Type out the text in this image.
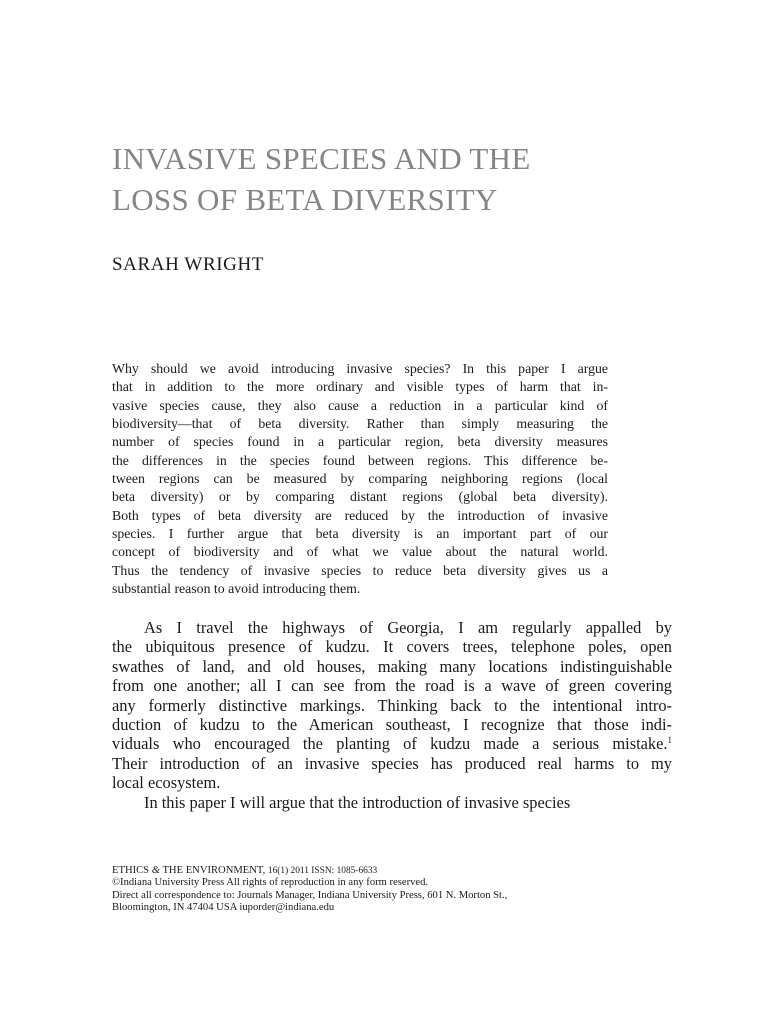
INVASIVE SPECIES AND THE
LOSS OF BETA DIVERSITY
SARAH WRIGHT
Why should we avoid introducing invasive species? In this paper I argue
that in addition to the more ordinary and visible types of harm that in-
vasive species cause, they also cause a reduction in a particular kind of
biodiversity—that of beta diversity. Rather than simply measuring the
number of species found in a particular region, beta diversity measures
the differences in the species found between regions. This difference be-
tween regions can be measured by comparing neighboring regions (local
beta diversity) or by comparing distant regions (global beta diversity).
Both types of beta diversity are reduced by the introduction of invasive
species. I further argue that beta diversity is an important part of our
concept of biodiversity and of what we value about the natural world.
Thus the tendency of invasive species to reduce beta diversity gives us a
substantial reason to avoid introducing them.
As I travel the highways of Georgia, I am regularly appalled by
the ubiquitous presence of kudzu. It covers trees, telephone poles, open
swathes of land, and old houses, making many locations indistinguishable
from one another; all I can see from the road is a wave of green covering
any formerly distinctive markings. Thinking back to the intentional intro-
duction of kudzu to the American southeast, I recognize that those indi-
viduals who encouraged the planting of kudzu made a serious mistake.$^1$
Their introduction of an invasive species has produced real harms to my
local ecosystem.
In this paper I will argue that the introduction of invasive species
ETHICS & THE ENVIRONMENT, 16(1) 2011 ISSN: 1085-6633
©Indiana University Press All rights of reproduction in any form reserved.
Direct all correspondence to: Journals Manager, Indiana University Press, 601 N. Morton St.,
Bloomington, IN 47404 USA iuporder@indiana.edu
